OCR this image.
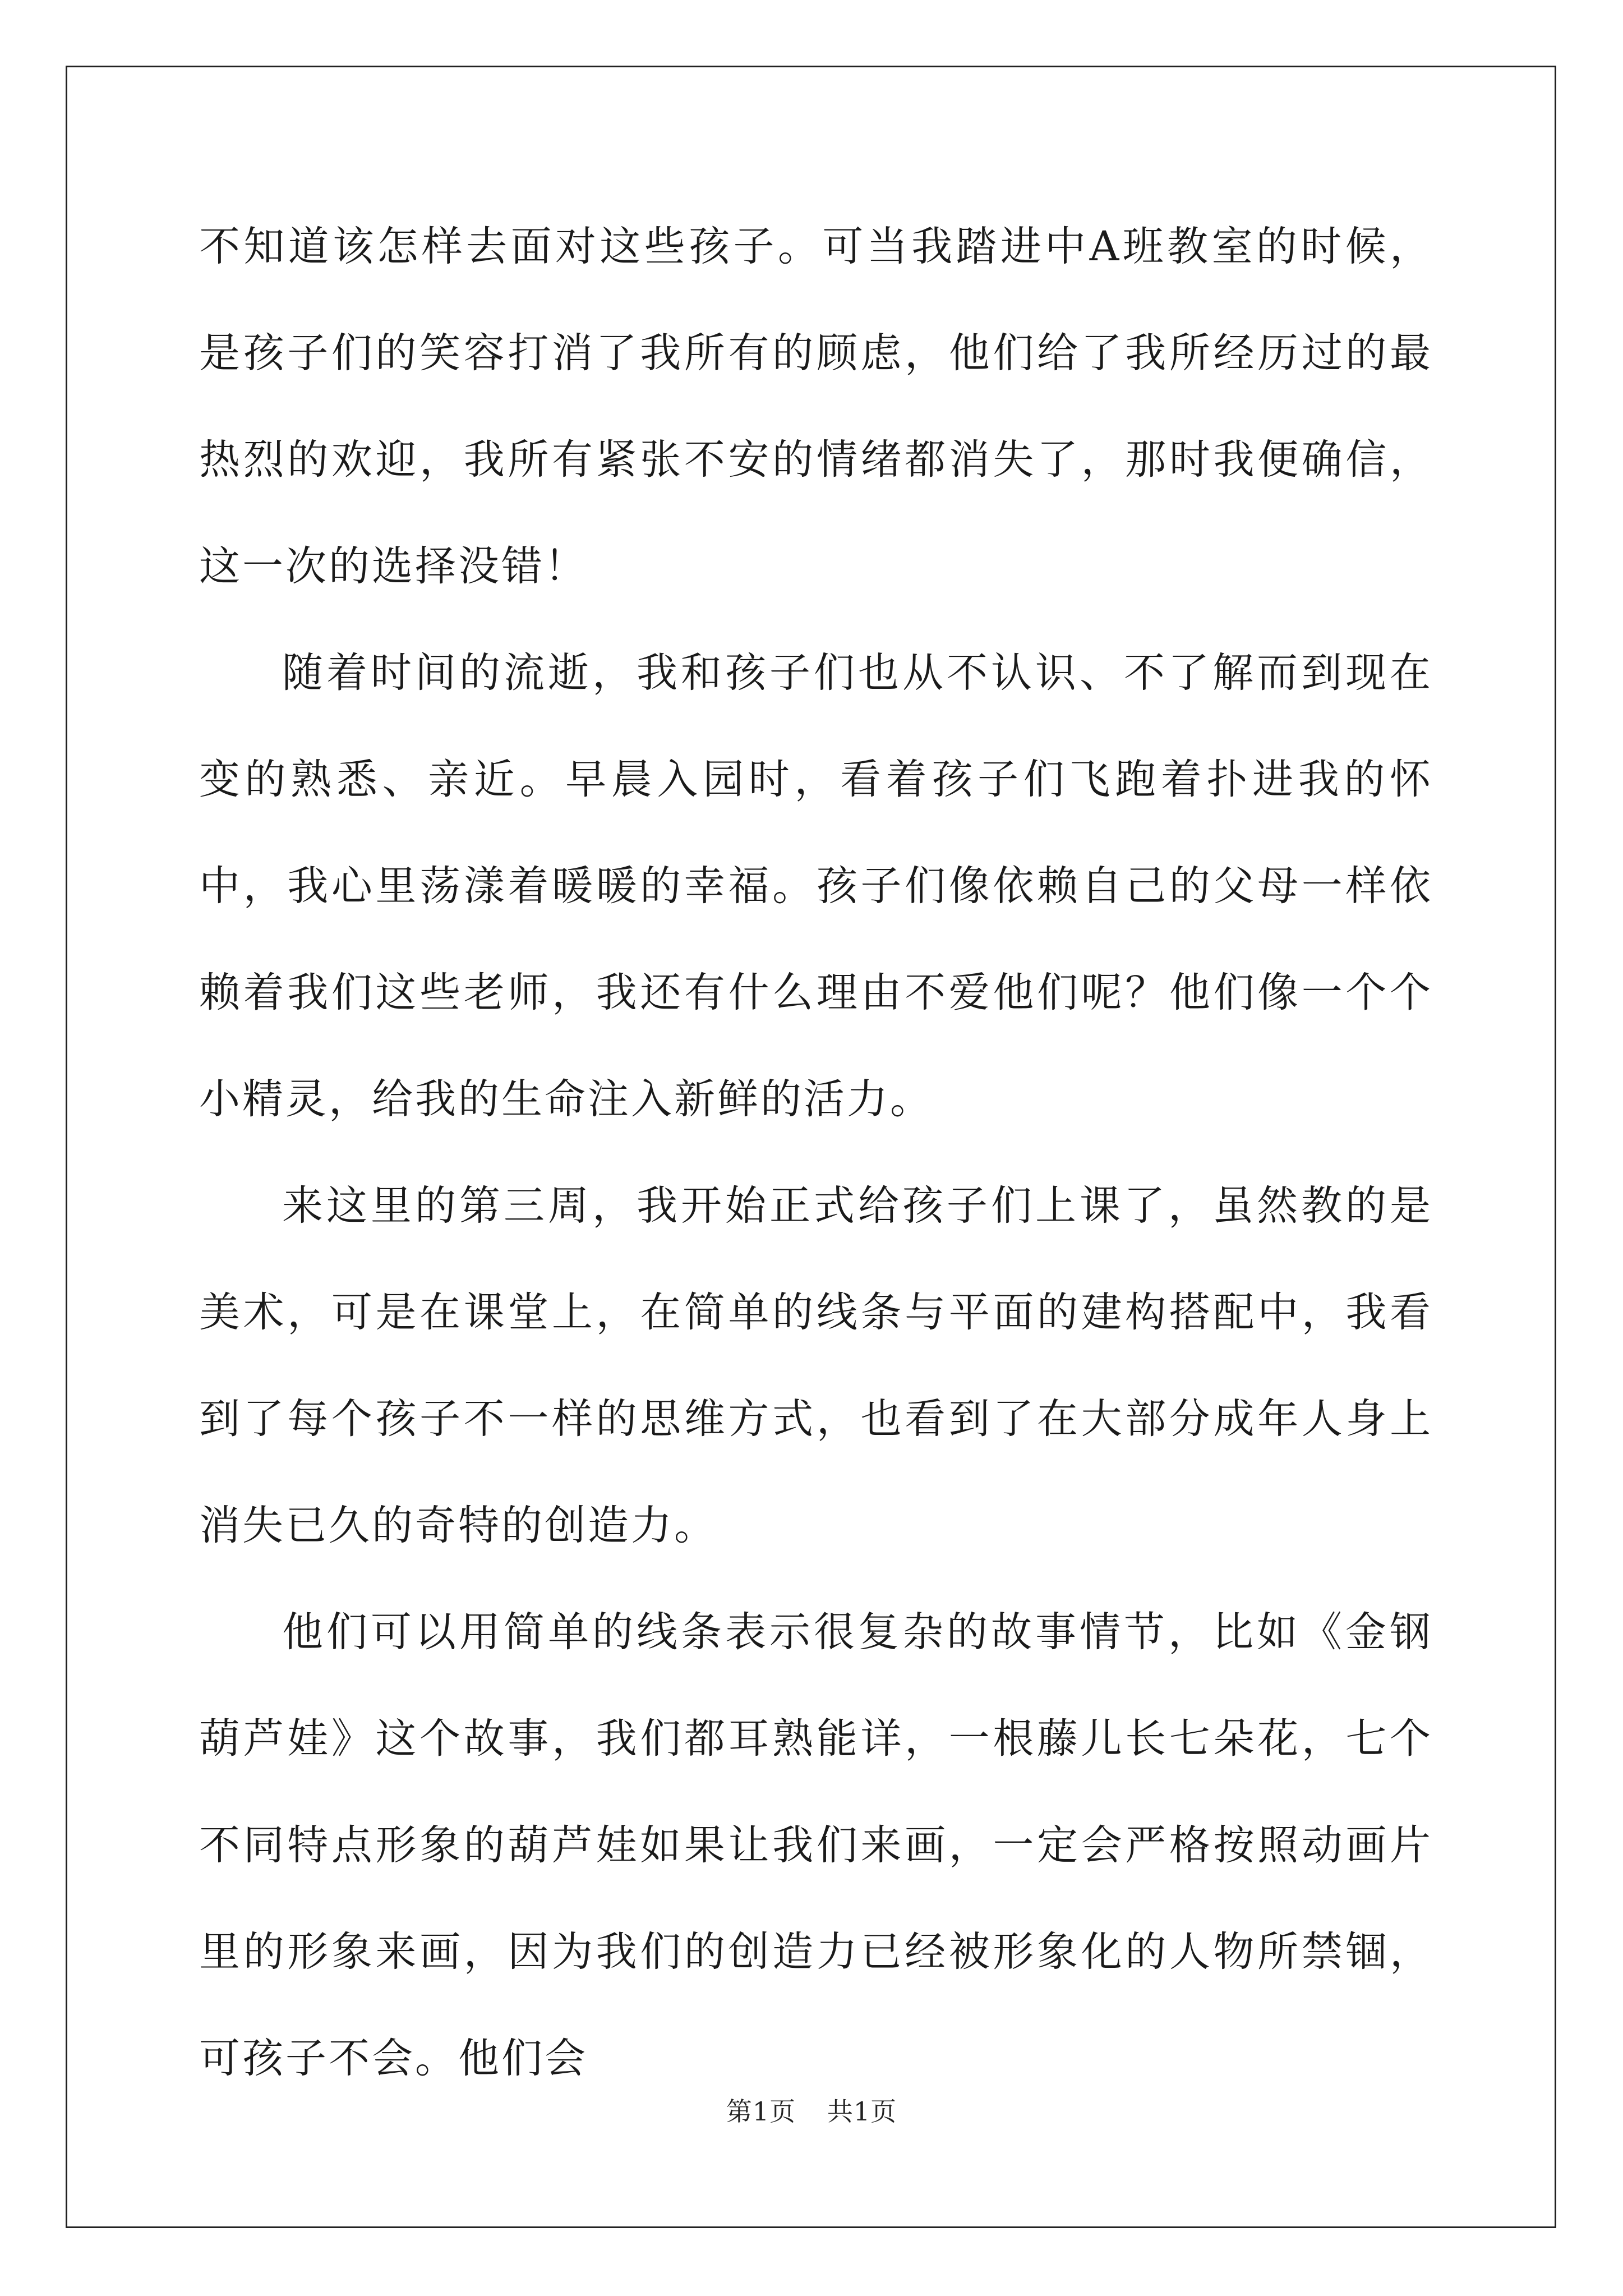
不知道该怎样去面对这些孩子。可当我踏进中A班教室的时候，是孩子们的笑容打消了我所有的顾虑，他们给了我所经历过的最热烈的欢迎，我所有紧张不安的情绪都消失了，那时我便确信，这一次的选择没错！

随着时间的流逝，我和孩子们也从不认识、不了解而到现在变的熟悉、亲近。早晨入园时，看着孩子们飞跑着扑进我的怀中，我心里荡漾着暖暖的幸福。孩子们像依赖自己的父母一样依赖着我们这些老师，我还有什么理由不爱他们呢？他们像一个个小精灵，给我的生命注入新鲜的活力。

来这里的第三周，我开始正式给孩子们上课了，虽然教的是美术，可是在课堂上，在简单的线条与平面的建构搭配中，我看到了每个孩子不一样的思维方式，也看到了在大部分成年人身上消失已久的奇特的创造力。

他们可以用简单的线条表示很复杂的故事情节，比如《金钢葫芦娃》这个故事，我们都耳熟能详，一根藤儿长七朵花，七个不同特点形象的葫芦娃如果让我们来画，一定会严格按照动画片里的形象来画，因为我们的创造力已经被形象化的人物所禁锢，可孩子不会。他们会

第1页 共1页
